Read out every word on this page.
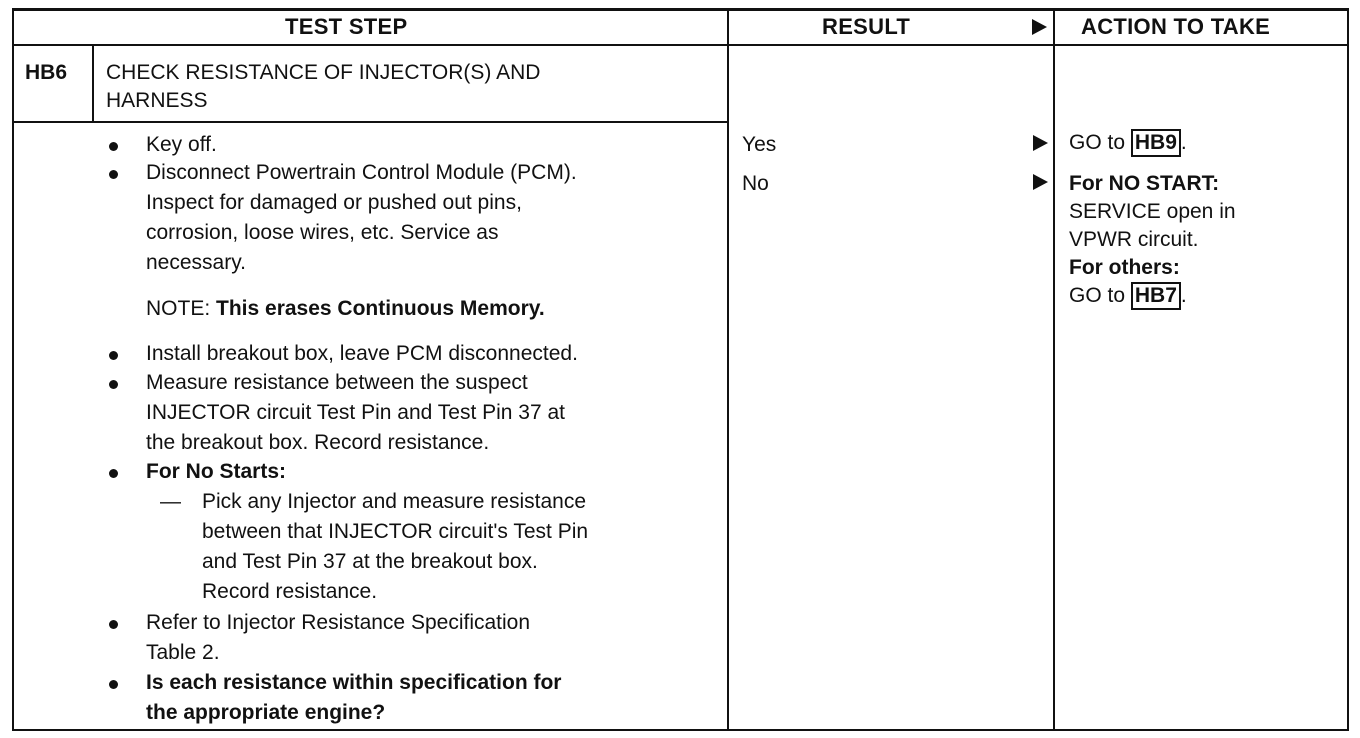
TEST STEP	RESULT	ACTION TO TAKE
HB6 CHECK RESISTANCE OF INJECTOR(S) AND
HARNESS
Key off.
Disconnect Powertrain Control Module (PCM).
Inspect for damaged or pushed out pins,
corrosion, loose wires, etc. Service as
necessary.
NOTE: This erases Continuous Memory.
Install breakout box, leave PCM disconnected.
Measure resistance between the suspect
INJECTOR circuit Test Pin and Test Pin 37 at
the breakout box. Record resistance.
For No Starts:
— Pick any Injector and measure resistance
between that INJECTOR circuit's Test Pin
and Test Pin 37 at the breakout box.
Record resistance.
Refer to Injector Resistance Specification
Table 2.
Is each resistance within specification for
the appropriate engine?
Yes
No
GO to HB9 .
For NO START:
SERVICE open in
VPWR circuit.
For others:
GO to HB7 .
